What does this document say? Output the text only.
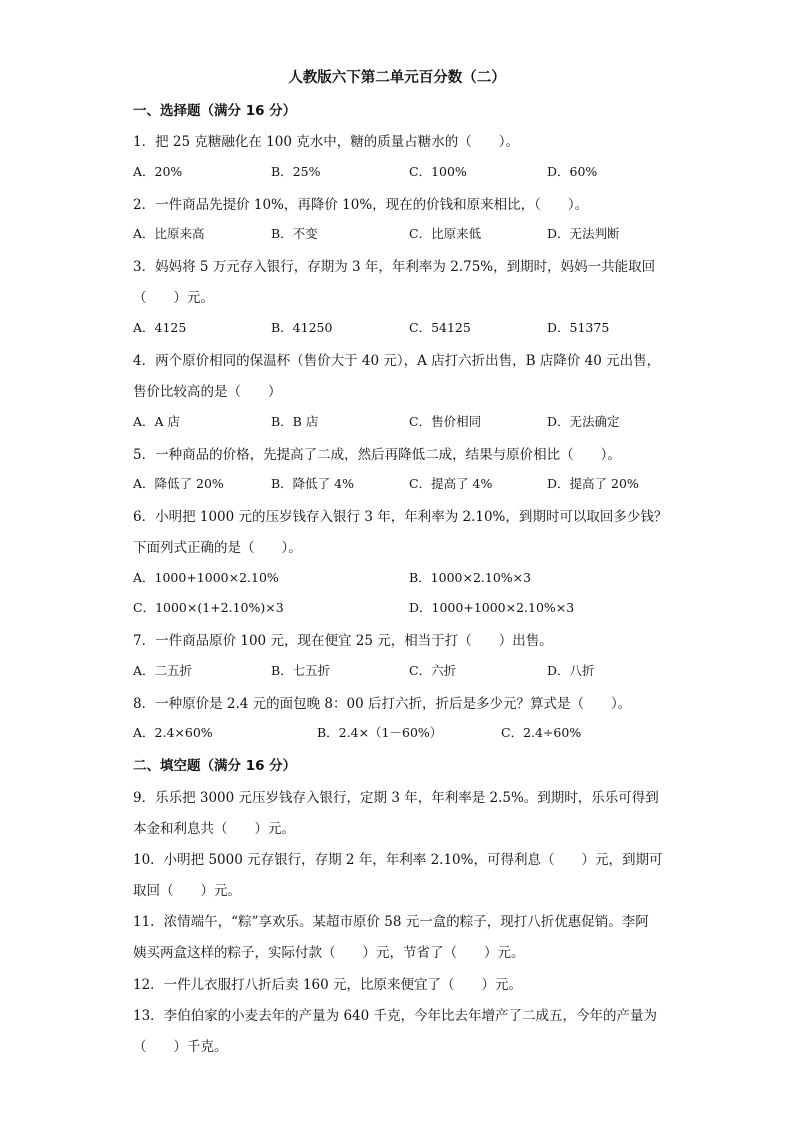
人教版六下第二单元百分数（二）
一、选择题（满分 16 分）
1．把 25 克糖融化在 100 克水中，糖的质量占糖水的（　　）。
A．20%	B．25%	C．100%	D．60%
2．一件商品先提价 10%，再降价 10%，现在的价钱和原来相比，（　　）。
A．比原来高	B．不变	C．比原来低	D．无法判断
3．妈妈将 5 万元存入银行，存期为 3 年，年利率为 2.75%，到期时，妈妈一共能取回
（　　）元。
A．4125	B．41250	C．54125	D．51375
4．两个原价相同的保温杯（售价大于 40 元），A 店打六折出售，B 店降价 40 元出售，
售价比较高的是（　　）
A．A 店	B．B 店	C．售价相同	D．无法确定
5．一种商品的价格，先提高了二成，然后再降低二成，结果与原价相比（　　）。
A．降低了 20%	B．降低了 4%	C．提高了 4%	D．提高了 20%
6．小明把 1000 元的压岁钱存入银行 3 年，年利率为 2.10%，到期时可以取回多少钱？
下面列式正确的是（　　）。
A．1000+1000×2.10%	B．1000×2.10%×3
C．1000×(1+2.10%)×3	D．1000+1000×2.10%×3
7．一件商品原价 100 元，现在便宜 25 元，相当于打（　　）出售。
A．二五折	B．七五折	C．六折	D．八折
8．一种原价是 2.4 元的面包晚 8：00 后打六折，折后是多少元？算式是（　　）。
A．2.4×60%	B．2.4×（1－60%）	C．2.4÷60%
二、填空题（满分 16 分）
9．乐乐把 3000 元压岁钱存入银行，定期 3 年，年利率是 2.5%。到期时，乐乐可得到
本金和利息共（　　）元。
10．小明把 5000 元存银行，存期 2 年，年利率 2.10%，可得利息（　　）元，到期可
取回（　　）元。
11．浓情端午，“粽”享欢乐。某超市原价 58 元一盒的粽子，现打八折优惠促销。李阿
姨买两盒这样的粽子，实际付款（　　）元，节省了（　　）元。
12．一件儿衣服打八折后卖 160 元，比原来便宜了（　　）元。
13．李伯伯家的小麦去年的产量为 640 千克，今年比去年增产了二成五，今年的产量为
（　　）千克。
